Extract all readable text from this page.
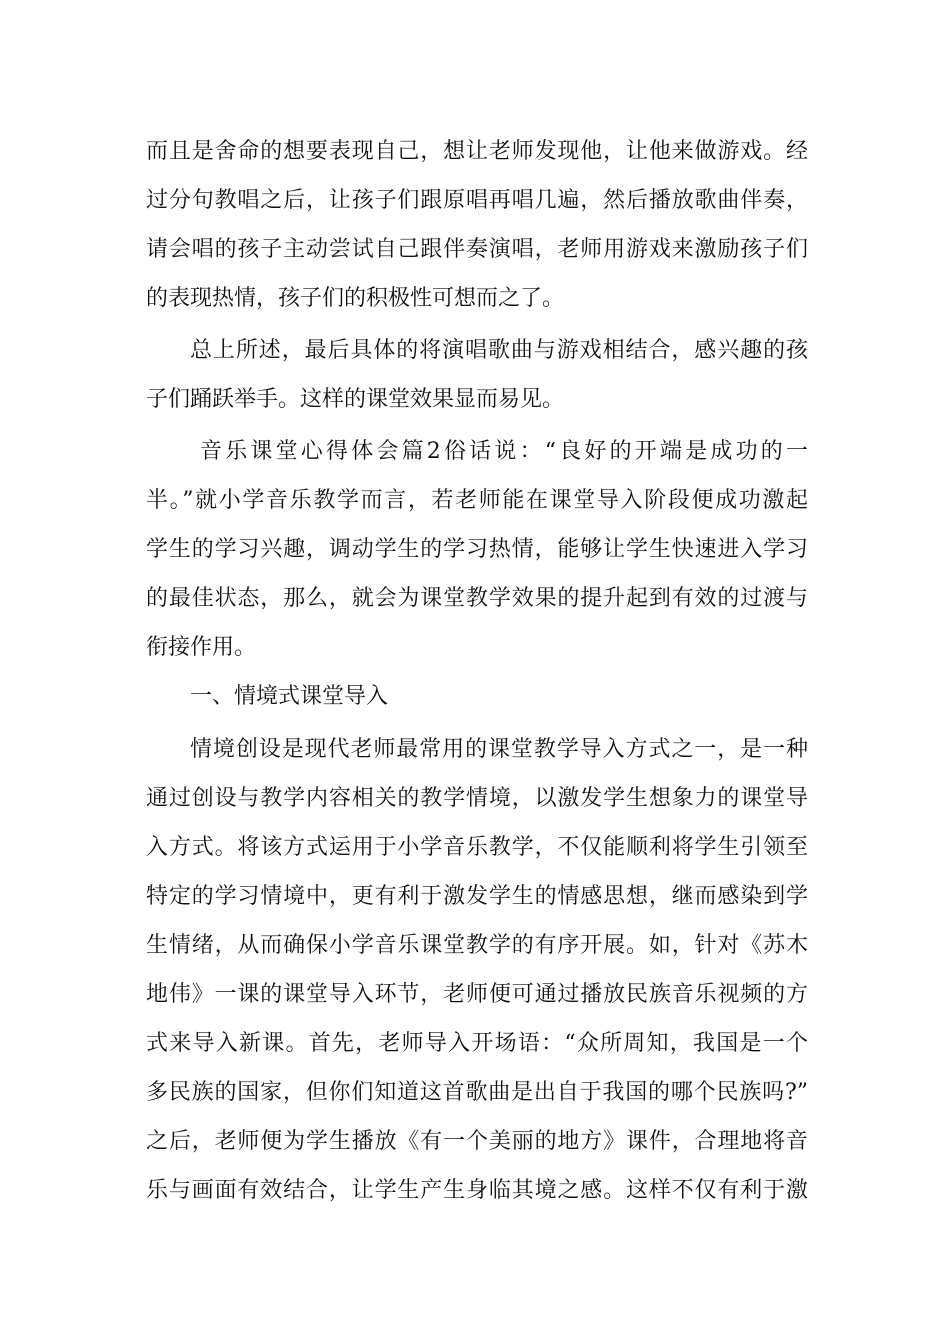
而且是舍命的想要表现自己，想让老师发现他，让他来做游戏。经
过分句教唱之后，让孩子们跟原唱再唱几遍，然后播放歌曲伴奏，
请会唱的孩子主动尝试自己跟伴奏演唱，老师用游戏来激励孩子们
的表现热情，孩子们的积极性可想而之了。
总上所述，最后具体的将演唱歌曲与游戏相结合，感兴趣的孩
子们踊跃举手。这样的课堂效果显而易见。
音乐课堂心得体会篇2俗话说：“良好的开端是成功的一
半。”就小学音乐教学而言，若老师能在课堂导入阶段便成功激起
学生的学习兴趣，调动学生的学习热情，能够让学生快速进入学习
的最佳状态，那么，就会为课堂教学效果的提升起到有效的过渡与
衔接作用。
一、情境式课堂导入
情境创设是现代老师最常用的课堂教学导入方式之一，是一种
通过创设与教学内容相关的教学情境，以激发学生想象力的课堂导
入方式。将该方式运用于小学音乐教学，不仅能顺利将学生引领至
特定的学习情境中，更有利于激发学生的情感思想，继而感染到学
生情绪，从而确保小学音乐课堂教学的有序开展。如，针对《苏木
地伟》一课的课堂导入环节，老师便可通过播放民族音乐视频的方
式来导入新课。首先，老师导入开场语：“众所周知，我国是一个
多民族的国家，但你们知道这首歌曲是出自于我国的哪个民族吗?”
之后，老师便为学生播放《有一个美丽的地方》课件，合理地将音
乐与画面有效结合，让学生产生身临其境之感。这样不仅有利于激
